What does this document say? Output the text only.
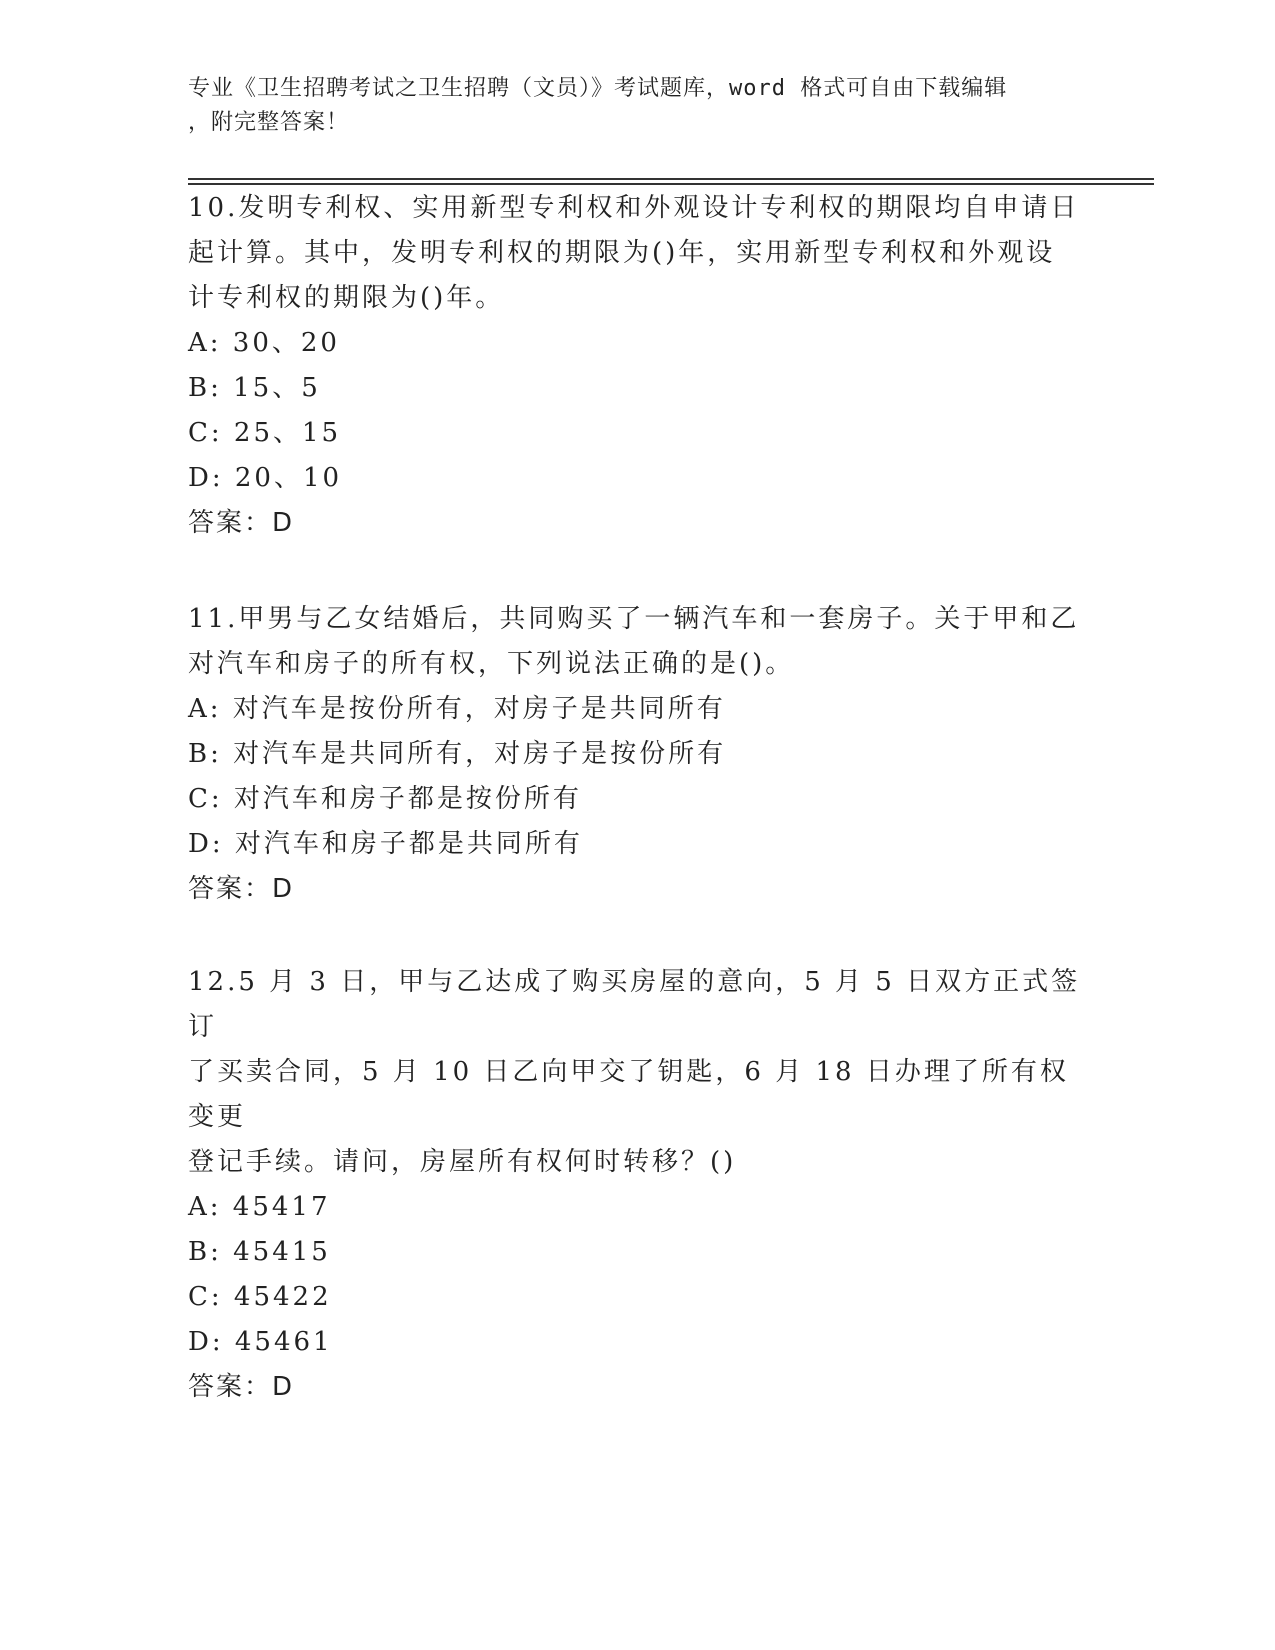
专业《卫生招聘考试之卫生招聘（文员）》考试题库，word 格式可自由下载编辑
，附完整答案！

10.发明专利权、实用新型专利权和外观设计专利权的期限均自申请日

起计算。其中，发明专利权的期限为()年，实用新型专利权和外观设

计专利权的期限为()年。

A: 30、20

B: 15、5

C: 25、15

D: 20、10

答案：D

11.甲男与乙女结婚后，共同购买了一辆汽车和一套房子。关于甲和乙

对汽车和房子的所有权，下列说法正确的是()。

A: 对汽车是按份所有，对房子是共同所有

B: 对汽车是共同所有，对房子是按份所有

C: 对汽车和房子都是按份所有

D: 对汽车和房子都是共同所有

答案：D

12.5 月 3 日，甲与乙达成了购买房屋的意向，5 月 5 日双方正式签订

了买卖合同，5 月 10 日乙向甲交了钥匙，6 月 18 日办理了所有权变更

登记手续。请问，房屋所有权何时转移？()

A: 45417

B: 45415

C: 45422

D: 45461

答案：D
